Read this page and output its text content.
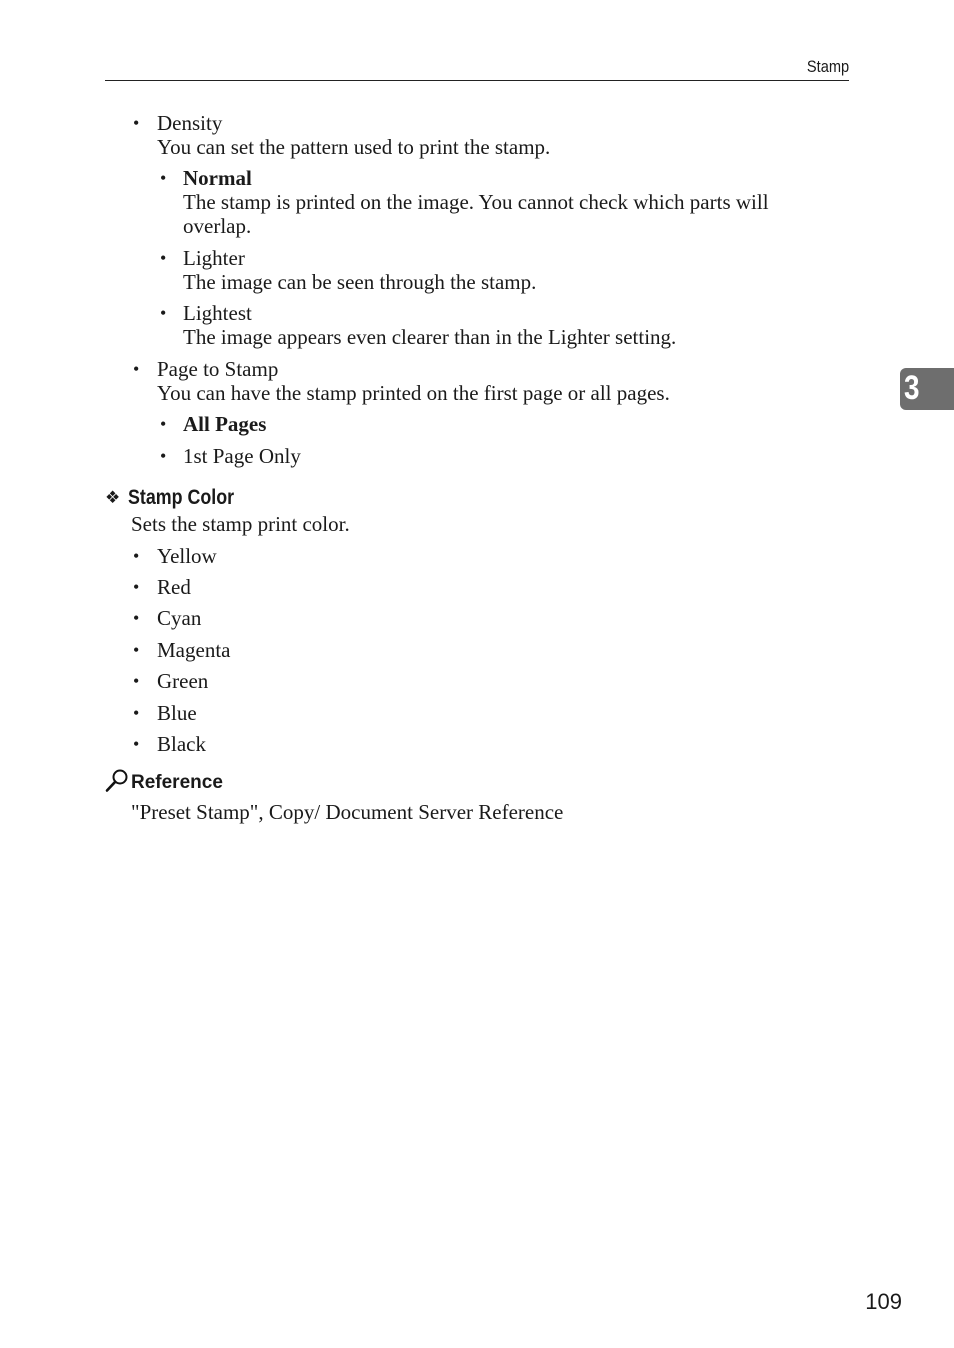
Stamp
3
• Density
You can set the pattern used to print the stamp.
• Normal
The stamp is printed on the image. You cannot check which parts will
overlap.
• Lighter
The image can be seen through the stamp.
• Lightest
The image appears even clearer than in the Lighter setting.
• Page to Stamp
You can have the stamp printed on the first page or all pages.
• All Pages
• 1st Page Only
❖ Stamp Color
Sets the stamp print color.
• Yellow
• Red
• Cyan
• Magenta
• Green
• Blue
• Black
Reference
"Preset Stamp", Copy/ Document Server Reference
109
